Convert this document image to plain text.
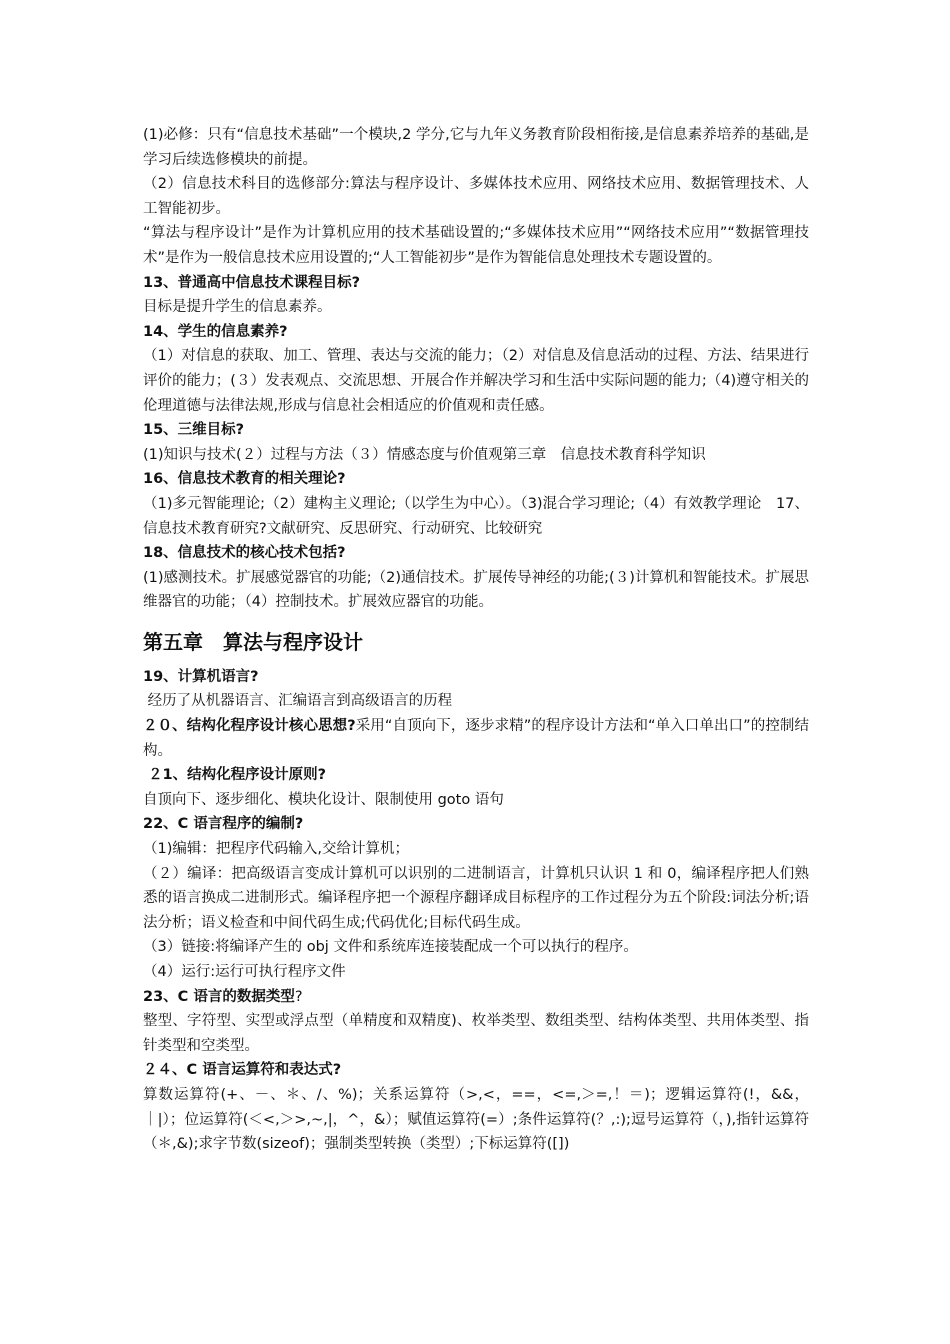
(1)必修：只有“信息技术基础”一个模块,2 学分,它与九年义务教育阶段相衔接,是信息素养培养的基础,是学习后续选修模块的前提。

（2）信息技术科目的选修部分:算法与程序设计、多媒体技术应用、网络技术应用、数据管理技术、人工智能初步。

“算法与程序设计”是作为计算机应用的技术基础设置的;“多媒体技术应用”“网络技术应用”“数据管理技术”是作为一般信息技术应用设置的;“人工智能初步”是作为智能信息处理技术专题设置的。

13、普通高中信息技术课程目标?

目标是提升学生的信息素养。

14、学生的信息素养?

（1）对信息的获取、加工、管理、表达与交流的能力；（2）对信息及信息活动的过程、方法、结果进行评价的能力；(３）发表观点、交流思想、开展合作并解决学习和生活中实际问题的能力;（4)遵守相关的伦理道德与法律法规,形成与信息社会相适应的价值观和责任感。

15、三维目标?

(1)知识与技术(２）过程与方法（３）情感态度与价值观第三章　信息技术教育科学知识

16、信息技术教育的相关理论?

（1)多元智能理论;（2）建构主义理论;（以学生为中心）。（3)混合学习理论;（4）有效教学理论　17、信息技术教育研究?文献研究、反思研究、行动研究、比较研究

18、信息技术的核心技术包括?

(1)感测技术。扩展感觉器官的功能;（2)通信技术。扩展传导神经的功能;(３)计算机和智能技术。扩展思维器官的功能；（4）控制技术。扩展效应器官的功能。

第五章　算法与程序设计

19、计算机语言?

经历了从机器语言、汇编语言到高级语言的历程

２０、结构化程序设计核心思想?采用“自顶向下，逐步求精”的程序设计方法和“单入口单出口”的控制结构。

２1、结构化程序设计原则?

自顶向下、逐步细化、模块化设计、限制使用 goto 语句

22、C 语言程序的编制?

（1)编辑：把程序代码输入,交给计算机；

（２）编译：把高级语言变成计算机可以识别的二进制语言，计算机只认识 1 和 0，编译程序把人们熟悉的语言换成二进制形式。编译程序把一个源程序翻译成目标程序的工作过程分为五个阶段:词法分析;语法分析；语义检查和中间代码生成;代码优化;目标代码生成。

（3）链接:将编译产生的 obj 文件和系统库连接装配成一个可以执行的程序。

（4）运行:运行可执行程序文件

23、C 语言的数据类型?

整型、字符型、实型或浮点型（单精度和双精度)、枚举类型、数组类型、结构体类型、共用体类型、指针类型和空类型。

２４、C 语言运算符和表达式?

算数运算符(+、－、＊、/、%)；关系运算符（>,<，==，<=,＞=,！＝)；逻辑运算符(!，&&，｜|）；位运算符(＜<,＞>,~,|，^，&）；赋值运算符(=）;条件运算符(？,:);逗号运算符（，),指针运算符（＊,&);求字节数(sizeof)；强制类型转换（类型）;下标运算符([])
